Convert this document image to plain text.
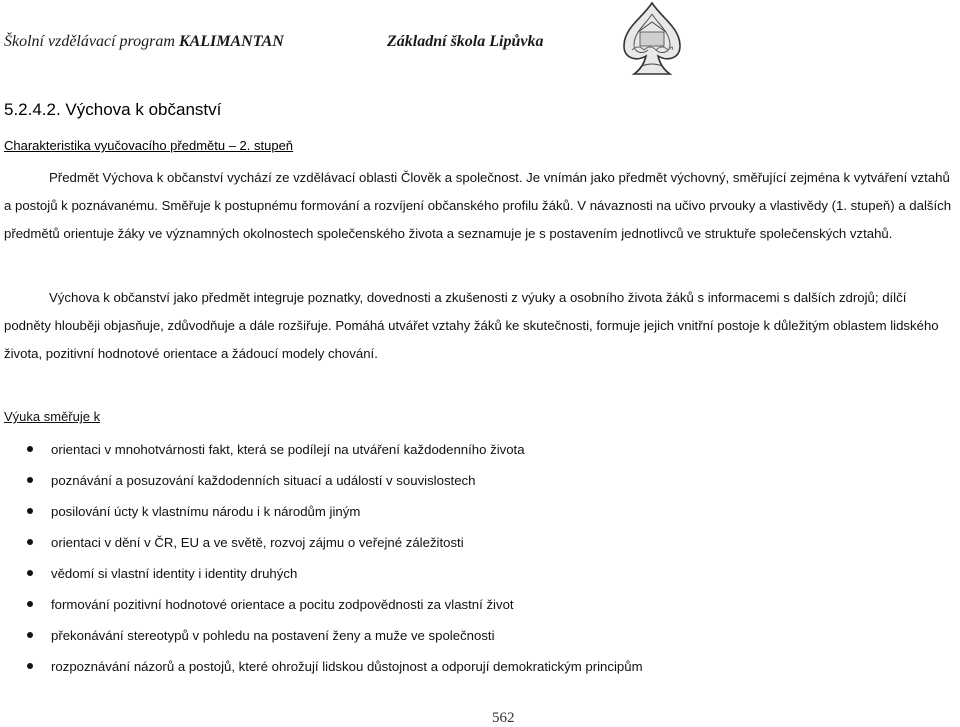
Školní vzdělávací program KALIMANTAN	Základní škola Lipůvka
5.2.4.2. Výchova k občanství
Charakteristika vyučovacího předmětu – 2. stupeň
Předmět Výchova k občanství vychází ze vzdělávací oblasti Člověk a společnost. Je vnímán jako předmět výchovný, směřující zejména k vytváření vztahů a postojů k poznávanému. Směřuje k postupnému formování a rozvíjení občanského profilu žáků. V návaznosti na učivo prvouky a vlastivědy (1. stupeň) a dalších předmětů orientuje žáky ve významných okolnostech společenského života a seznamuje je s postavením jednotlivců ve struktuře společenských vztahů.
Výchova k občanství jako předmět integruje poznatky, dovednosti a zkušenosti z výuky a osobního života žáků s informacemi s dalších zdrojů; dílčí podněty hlouběji objasňuje, zdůvodňuje a dále rozšiřuje. Pomáhá utvářet vztahy žáků ke skutečnosti, formuje jejich vnitřní postoje k důležitým oblastem lidského života, pozitivní hodnotové orientace a žádoucí modely chování.
Výuka směřuje k
orientaci v mnohotvárnosti fakt, která se podílejí na utváření každodenního života
poznávání a posuzování každodenních situací a událostí v souvislostech
posilování úcty k vlastnímu národu i k národům jiným
orientaci v dění v ČR, EU a ve světě, rozvoj zájmu o veřejné záležitosti
vědomí si vlastní identity i identity druhých
formování pozitivní hodnotové orientace a pocitu zodpovědnosti za vlastní život
překonávání stereotypů v pohledu na postavení ženy a muže ve společnosti
rozpoznávání názorů a postojů, které ohrožují lidskou důstojnost a odporují demokratickým principům
562
